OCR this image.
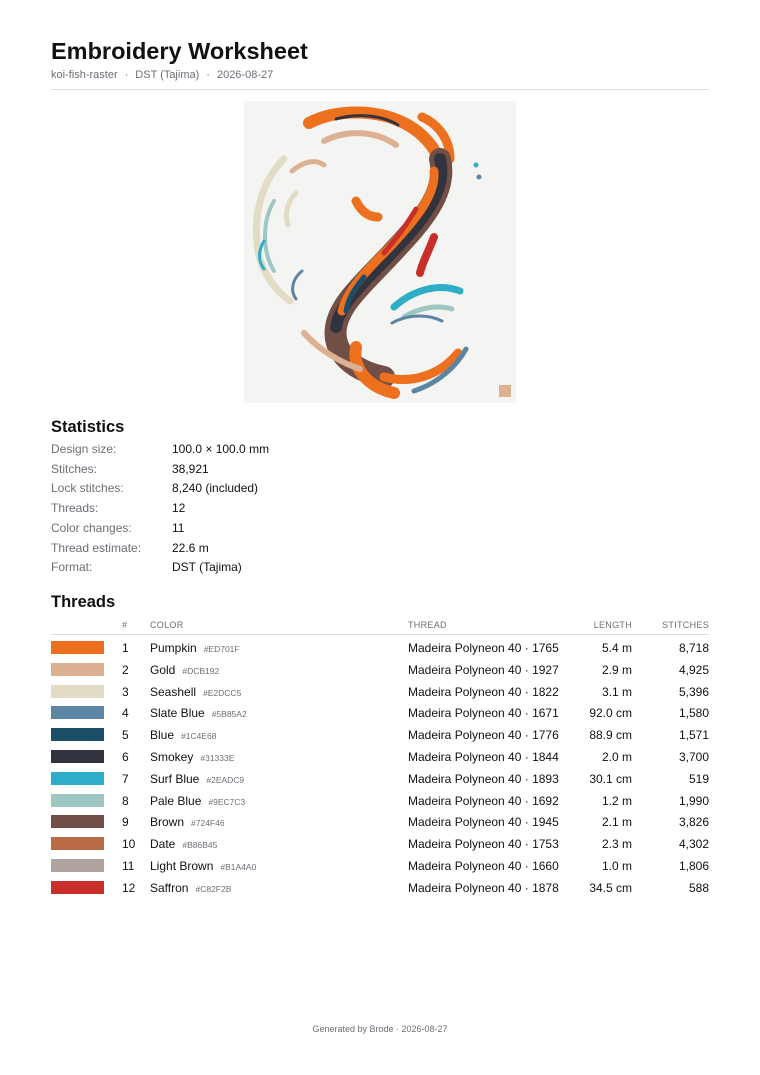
Embroidery Worksheet
koi-fish-raster · DST (Tajima) · 2026-08-27
Statistics
Design size:	100.0 × 100.0 mm
Stitches:	38,921
Lock stitches:	8,240 (included)
Threads:	12
Color changes:	11
Thread estimate:	22.6 m
Format:	DST (Tajima)
Threads
#	COLOR	THREAD	LENGTH	STITCHES
1 Pumpkin #ED701F	Madeira Polyneon 40 · 1765	5.4 m	8,718
2 Gold #DCB192	Madeira Polyneon 40 · 1927	2.9 m	4,925
3 Seashell #E2DCC5	Madeira Polyneon 40 · 1822	3.1 m	5,396
4 Slate Blue #5B85A2	Madeira Polyneon 40 · 1671	92.0 cm	1,580
5 Blue #1C4E68	Madeira Polyneon 40 · 1776	88.9 cm	1,571
6 Smokey #31333E	Madeira Polyneon 40 · 1844	2.0 m	3,700
7 Surf Blue #2EADC9	Madeira Polyneon 40 · 1893	30.1 cm	519
8 Pale Blue #9EC7C3	Madeira Polyneon 40 · 1692	1.2 m	1,990
9 Brown #724F46	Madeira Polyneon 40 · 1945	2.1 m	3,826
10 Date #B86B45	Madeira Polyneon 40 · 1753	2.3 m	4,302
11 Light Brown #B1A4A0	Madeira Polyneon 40 · 1660	1.0 m	1,806
12 Saffron #C82F2B	Madeira Polyneon 40 · 1878	34.5 cm	588
Generated by Brode · 2026-08-27
